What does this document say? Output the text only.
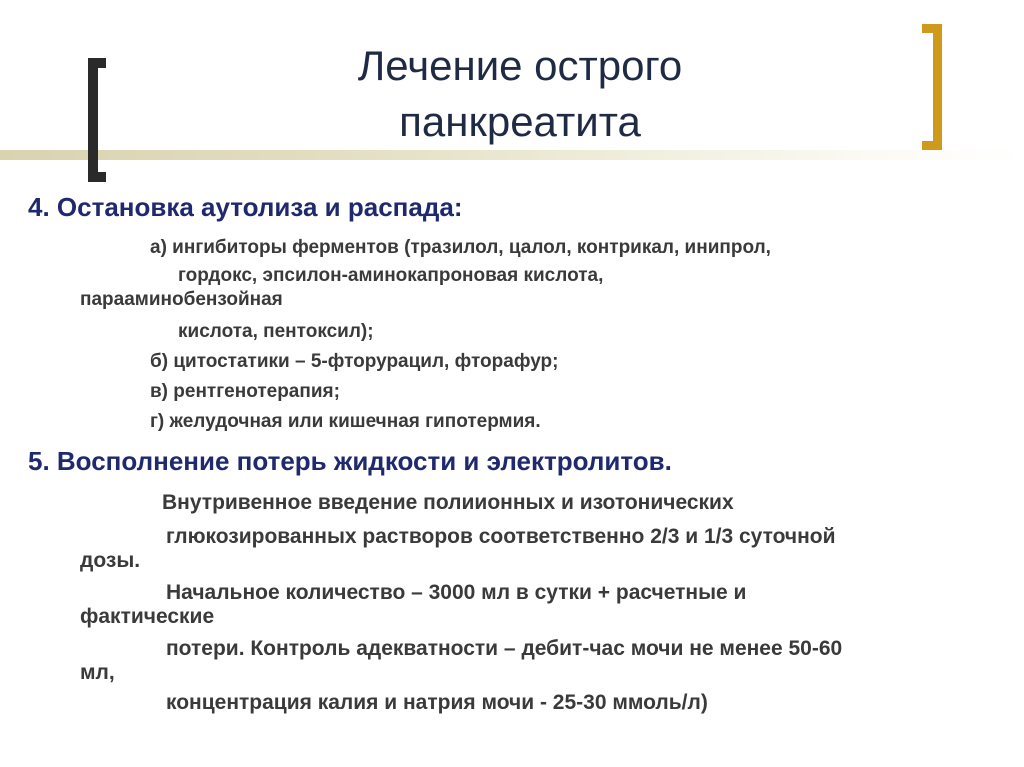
Лечение острого
панкреатита
4. Остановка аутолиза и распада:
а) ингибиторы ферментов (тразилол, цалол, контрикал, инипрол,
гордокс, эпсилон-аминокапроновая кислота,
парааминобензойная
кислота, пентоксил);
б) цитостатики – 5-фторурацил, фторафур;
в) рентгенотерапия;
г) желудочная или кишечная гипотермия.
5. Восполнение потерь жидкости и электролитов.
Внутривенное введение полиионных и изотонических
глюкозированных растворов соответственно 2/3 и 1/3 суточной
дозы.
Начальное количество – 3000 мл в сутки + расчетные и
фактические
потери. Контроль адекватности – дебит-час мочи не менее 50-60
мл,
концентрация калия и натрия мочи - 25-30 ммоль/л)
